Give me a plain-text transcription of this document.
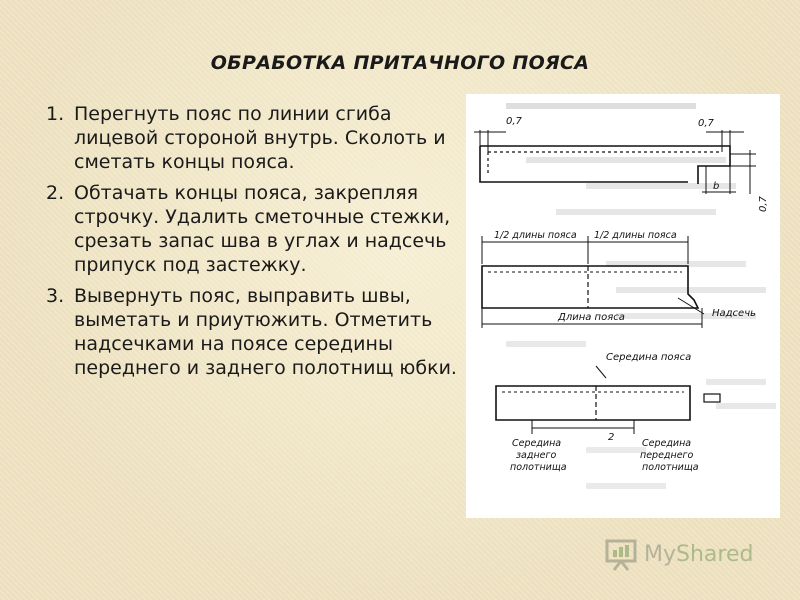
ОБРАБОТКА ПРИТАЧНОГО ПОЯСА
1. Перегнуть пояс по линии сгиба лицевой стороной внутрь. Сколоть и сметать концы пояса.
2. Обтачать концы пояса, закрепляя строчку. Удалить сметочные стежки, срезать запас шва в углах и надсечь припуск под застежку.
3. Вывернуть пояс, выправить швы, выметать и приутюжить. Отметить надсечками на поясе середины переднего и заднего полотнищ юбки.
0,7	0,7
b
0,7
1/2 длины пояса 1/2 длины пояса
Длина пояса	Надсечь
Середина пояса
Середина
заднего
полотнища
Середина
переднего
полотнища
2
MyShared
